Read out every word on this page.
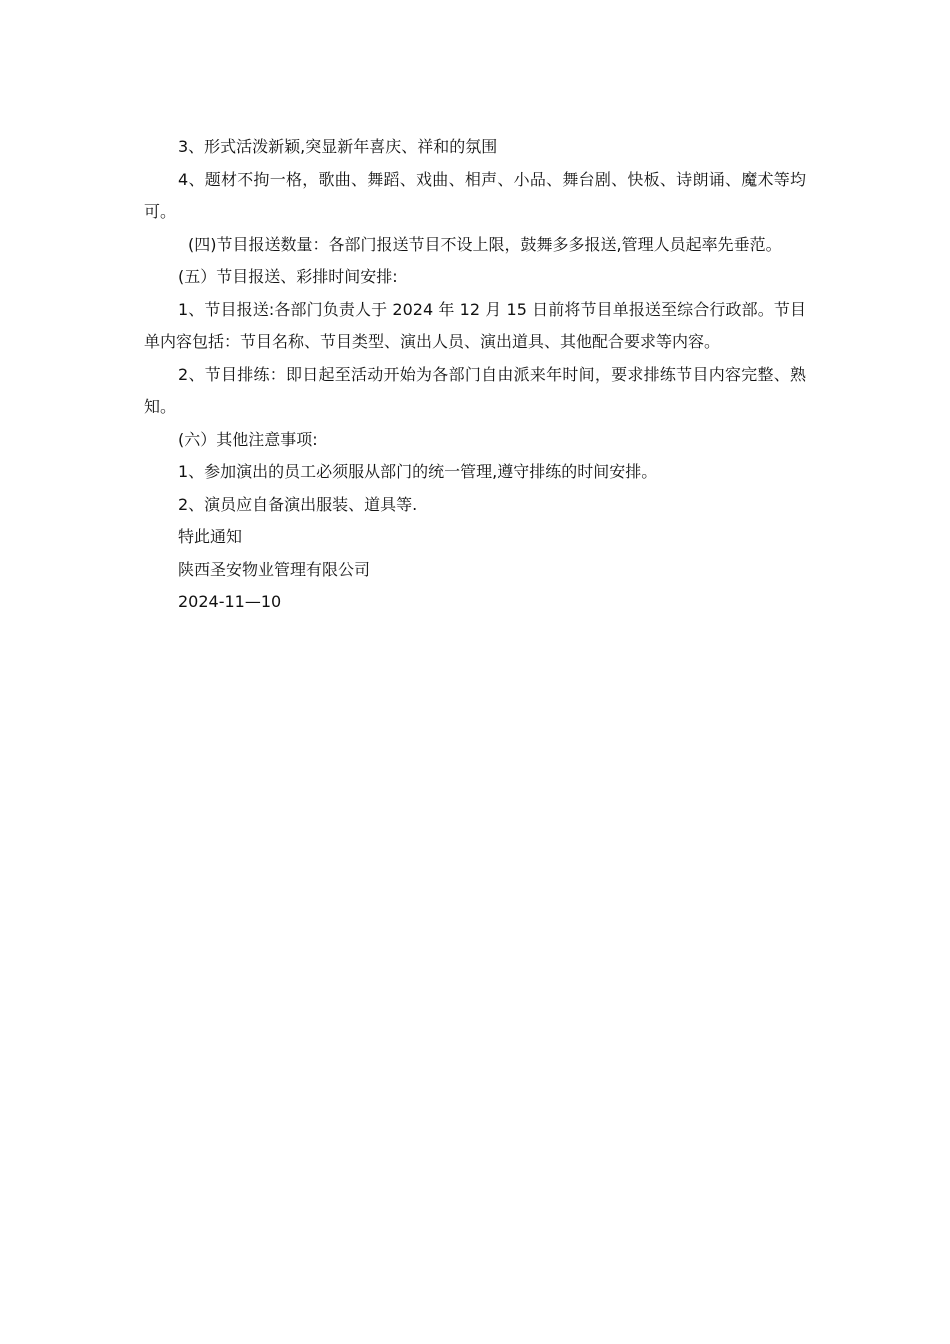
3、形式活泼新颖,突显新年喜庆、祥和的氛围

4、题材不拘一格，歌曲、舞蹈、戏曲、相声、小品、舞台剧、快板、诗朗诵、魔术等均可。

(四)节目报送数量：各部门报送节目不设上限，鼓舞多多报送,管理人员起率先垂范。

(五）节目报送、彩排时间安排:

1、节目报送:各部门负责人于 2024 年 12 月 15 日前将节目单报送至综合行政部。节目单内容包括：节目名称、节目类型、演出人员、演出道具、其他配合要求等内容。

2、节目排练：即日起至活动开始为各部门自由派来年时间，要求排练节目内容完整、熟知。

(六）其他注意事项:

1、参加演出的员工必须服从部门的统一管理,遵守排练的时间安排。

2、演员应自备演出服装、道具等.

特此通知

陕西圣安物业管理有限公司

2024-11—10
